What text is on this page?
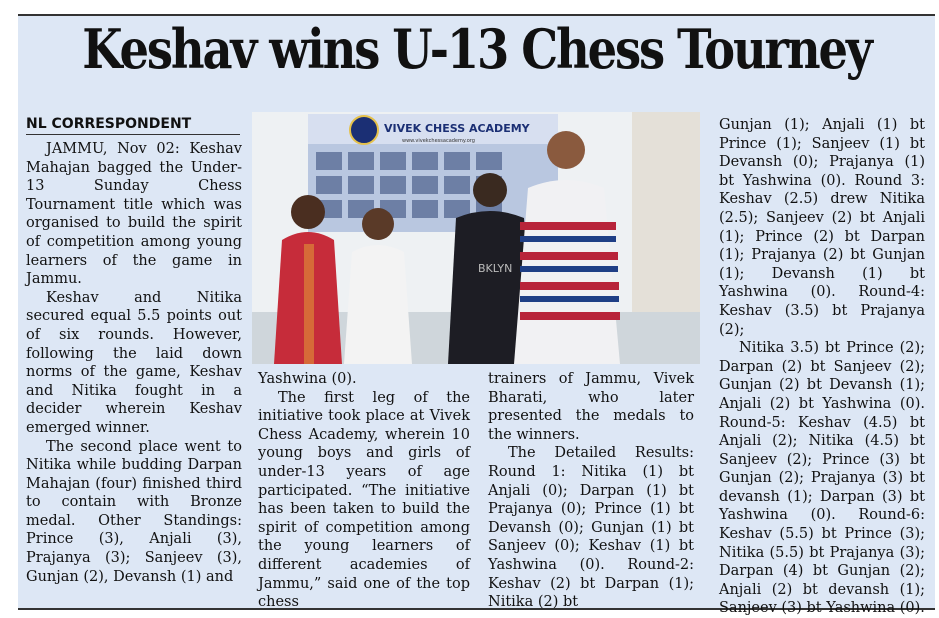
Keshav wins U-13 Chess Tourney
NL CORRESPONDENT

JAMMU, Nov 02: Keshav Mahajan bagged the Under-13 Sunday Chess Tournament title which was organised to build the spirit of competition among young learners of the game in Jammu.

Keshav and Nitika secured equal 5.5 points out of six rounds. However, following the laid down norms of the game, Keshav and Nitika fought in a decider wherein Keshav emerged winner.

The second place went to Nitika while budding Darpan Mahajan (four) finished third to contain with Bronze medal. Other Standings: Prince (3), Anjali (3), Prajanya (3); Sanjeev (3), Gunjan (2), Devansh (1) and

VIVEK CHESS ACADEMY
www.vivekchessacademy.org
BKLYN

Yashwina (0).

The first leg of the initiative took place at Vivek Chess Academy, wherein 10 young boys and girls of under-13 years of age participated. “The initiative has been taken to build the spirit of competition among the young learners of different academies of Jammu,” said one of the top chess

trainers of Jammu, Vivek Bharati, who later presented the medals to the winners.

The Detailed Results: Round 1: Nitika (1) bt Anjali (0); Darpan (1) bt Prajanya (0); Prince (1) bt Devansh (0); Gunjan (1) bt Sanjeev (0); Keshav (1) bt Yashwina (0). Round-2: Keshav (2) bt Darpan (1); Nitika (2) bt

Gunjan (1); Anjali (1) bt Prince (1); Sanjeev (1) bt Devansh (0); Prajanya (1) bt Yashwina (0). Round 3: Keshav (2.5) drew Nitika (2.5); Sanjeev (2) bt Anjali (1); Prince (2) bt Darpan (1); Prajanya (2) bt Gunjan (1); Devansh (1) bt Yashwina (0). Round-4: Keshav (3.5) bt Prajanya (2);

Nitika 3.5) bt Prince (2); Darpan (2) bt Sanjeev (2); Gunjan (2) bt Devansh (1); Anjali (2) bt Yashwina (0). Round-5: Keshav (4.5) bt Anjali (2); Nitika (4.5) bt Sanjeev (2); Prince (3) bt Gunjan (2); Prajanya (3) bt devansh (1); Darpan (3) bt Yashwina (0). Round-6: Keshav (5.5) bt Prince (3); Nitika (5.5) bt Prajanya (3); Darpan (4) bt Gunjan (2); Anjali (2) bt devansh (1); Sanjeev (3) bt Yashwina (0).
